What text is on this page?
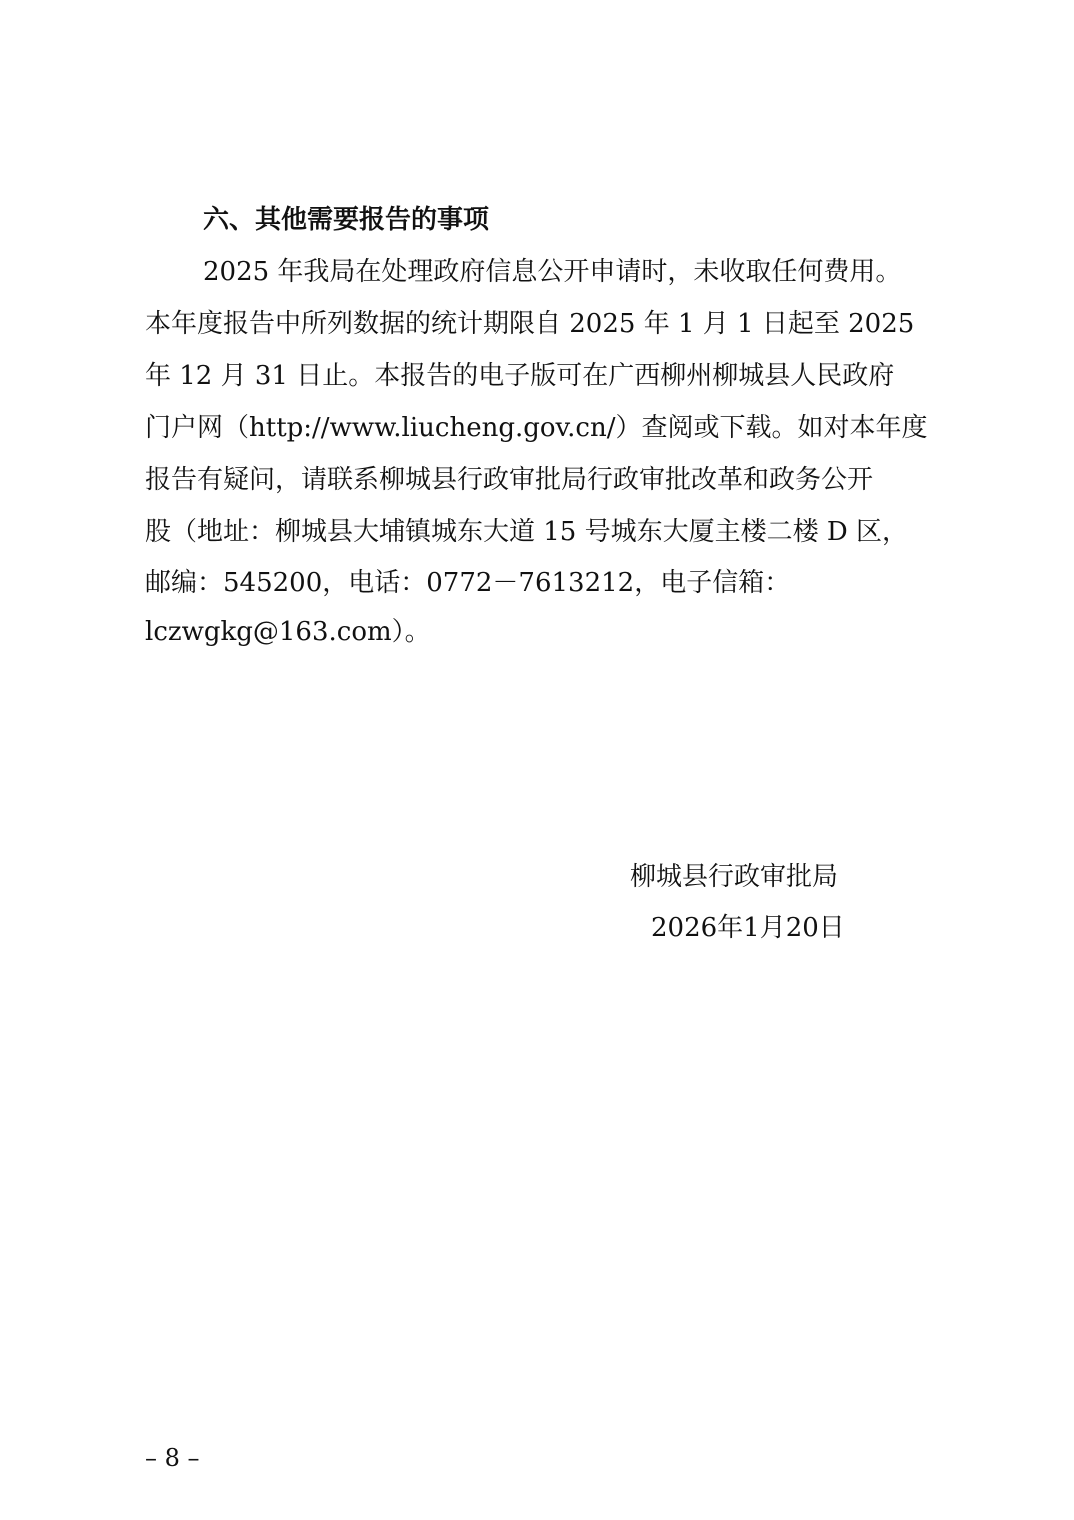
六、其他需要报告的事项
2025 年我局在处理政府信息公开申请时，未收取任何费用。
本年度报告中所列数据的统计期限自 2025 年 1 月 1 日起至 2025
年 12 月 31 日止。本报告的电子版可在广西柳州柳城县人民政府
门户网（http://www.liucheng.gov.cn/）查阅或下载。如对本年度
报告有疑问，请联系柳城县行政审批局行政审批改革和政务公开
股（地址：柳城县大埔镇城东大道 15 号城东大厦主楼二楼 D 区，
邮编：545200，电话：0772－7613212，电子信箱：
lczwgkg@163.com）。
柳城县行政审批局
2026年1月20日
– 8 –
